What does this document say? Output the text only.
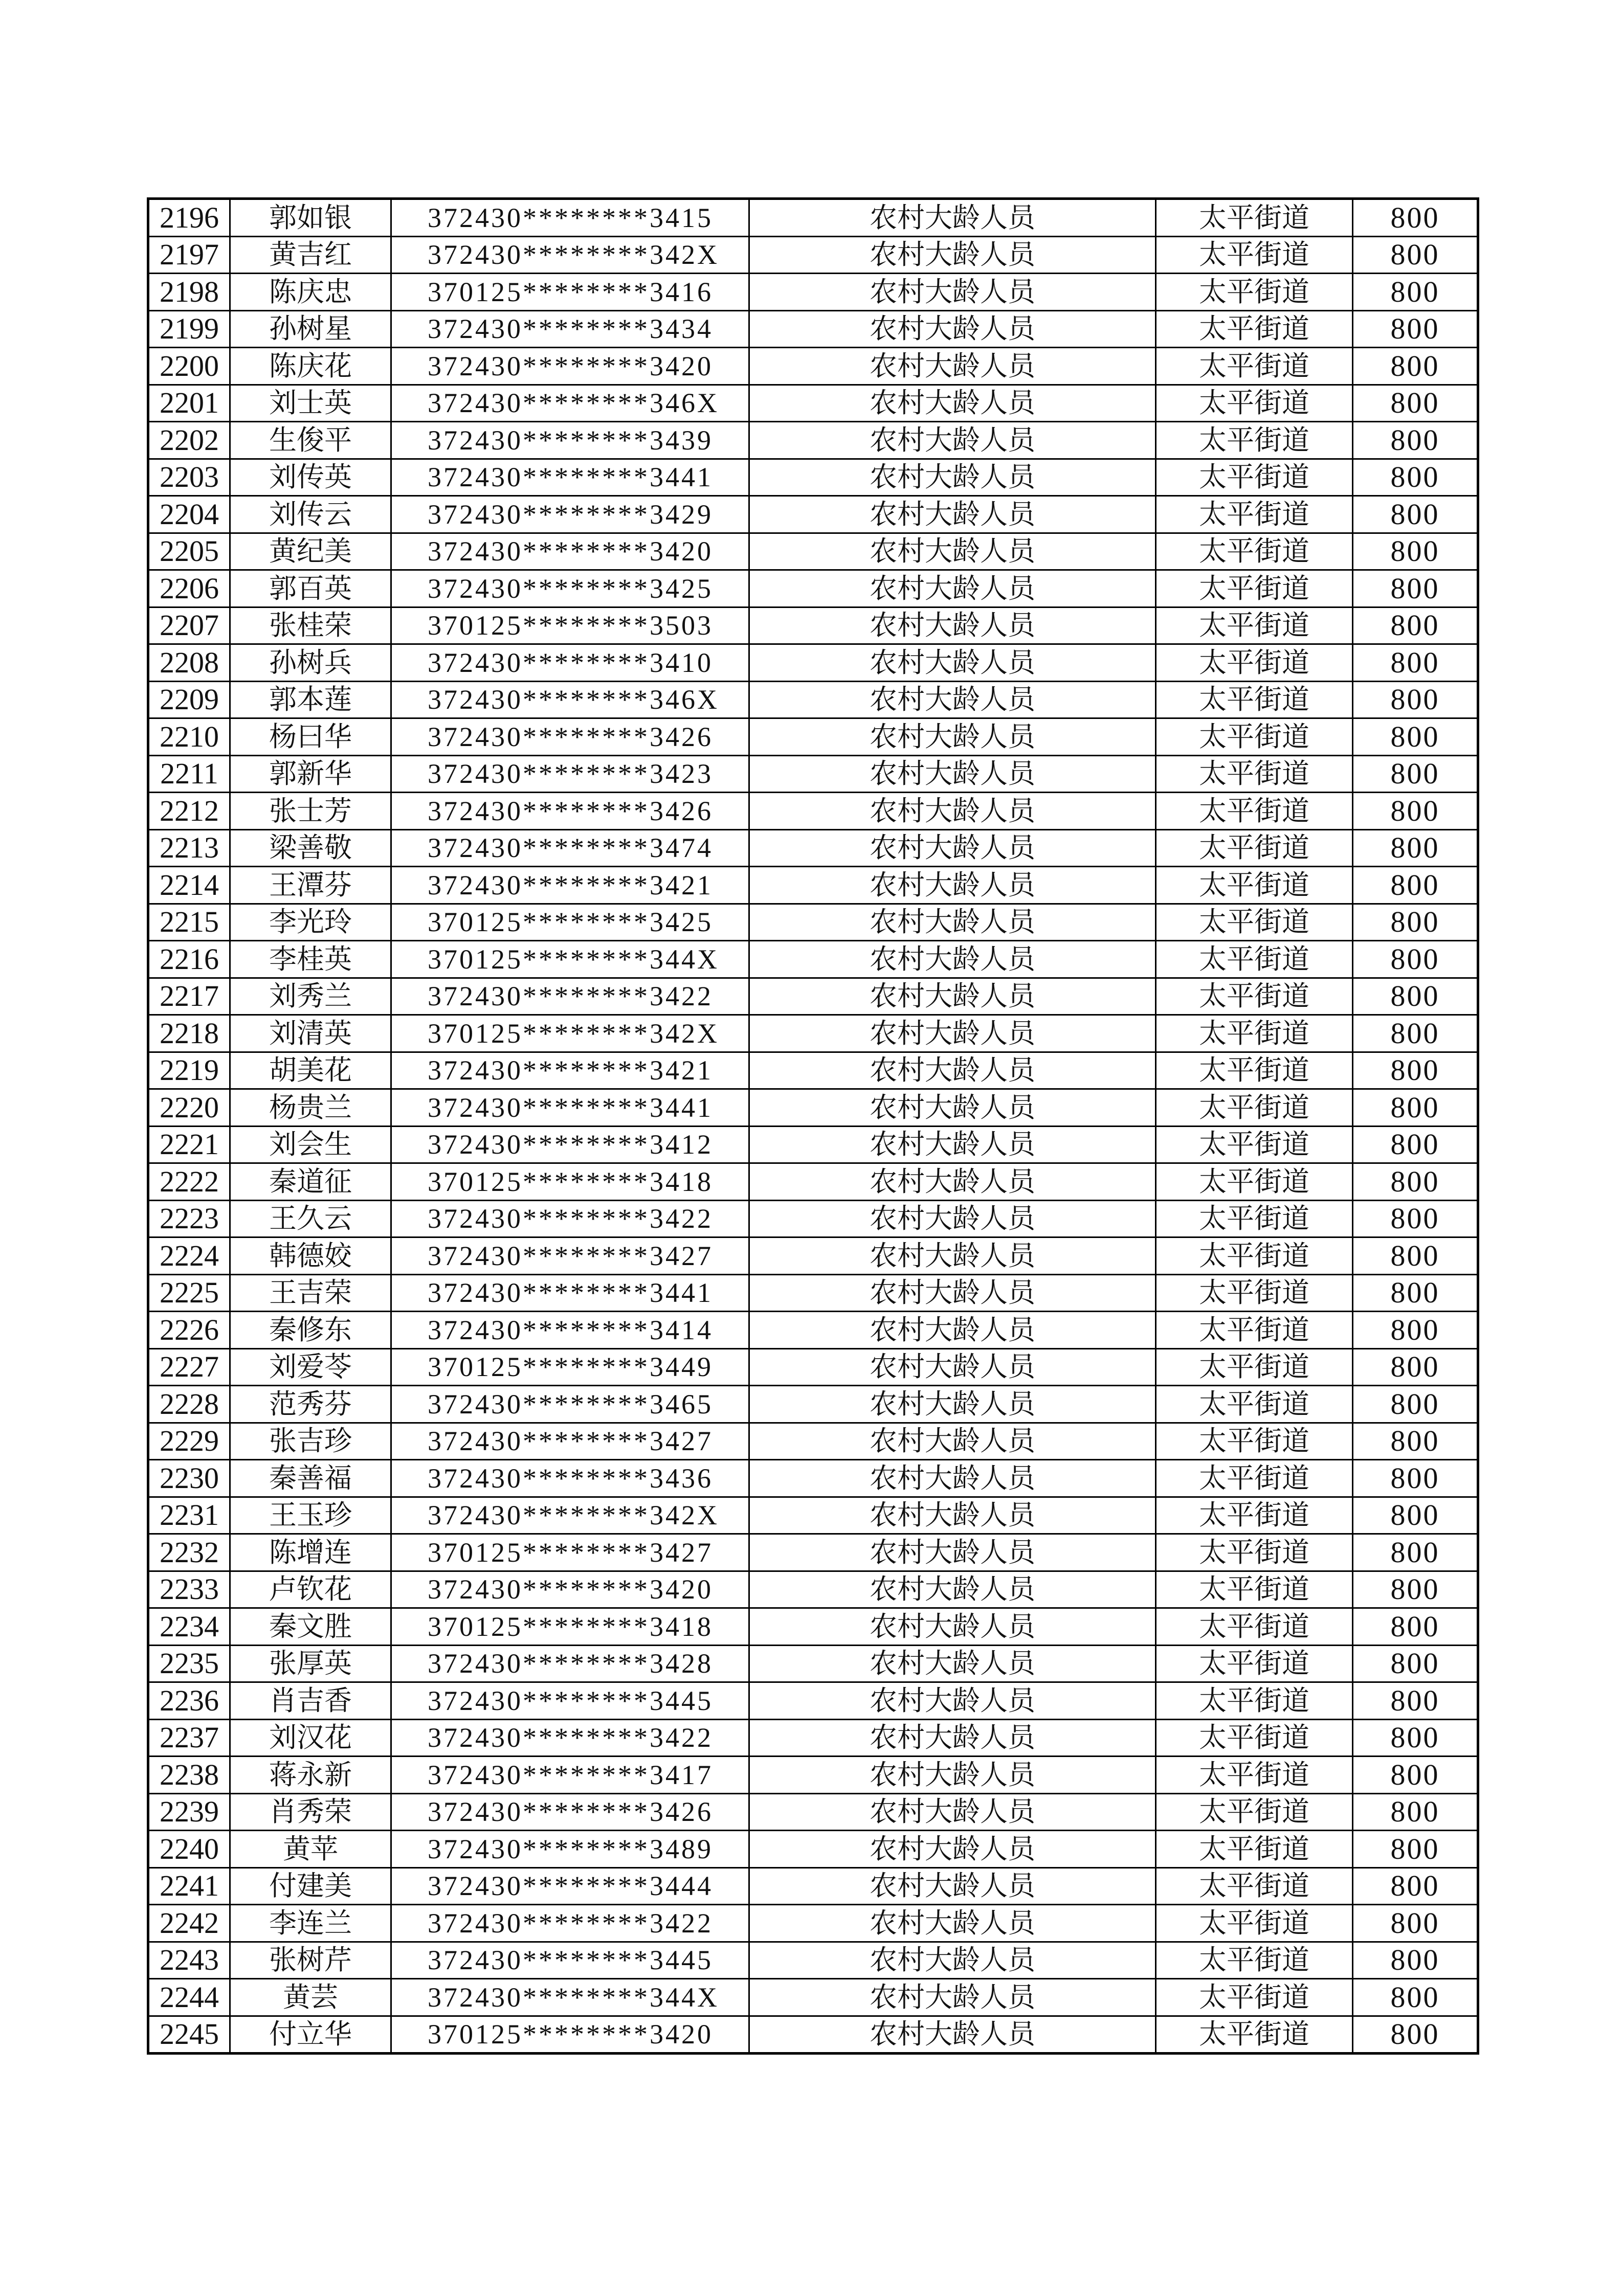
2196	郭如银	372430********3415	农村大龄人员	太平街道	800
2197	黄吉红	372430********342X	农村大龄人员	太平街道	800
2198	陈庆忠	370125********3416	农村大龄人员	太平街道	800
2199	孙树星	372430********3434	农村大龄人员	太平街道	800
2200	陈庆花	372430********3420	农村大龄人员	太平街道	800
2201	刘士英	372430********346X	农村大龄人员	太平街道	800
2202	生俊平	372430********3439	农村大龄人员	太平街道	800
2203	刘传英	372430********3441	农村大龄人员	太平街道	800
2204	刘传云	372430********3429	农村大龄人员	太平街道	800
2205	黄纪美	372430********3420	农村大龄人员	太平街道	800
2206	郭百英	372430********3425	农村大龄人员	太平街道	800
2207	张桂荣	370125********3503	农村大龄人员	太平街道	800
2208	孙树兵	372430********3410	农村大龄人员	太平街道	800
2209	郭本莲	372430********346X	农村大龄人员	太平街道	800
2210	杨曰华	372430********3426	农村大龄人员	太平街道	800
2211	郭新华	372430********3423	农村大龄人员	太平街道	800
2212	张士芳	372430********3426	农村大龄人员	太平街道	800
2213	梁善敬	372430********3474	农村大龄人员	太平街道	800
2214	王潭芬	372430********3421	农村大龄人员	太平街道	800
2215	李光玲	370125********3425	农村大龄人员	太平街道	800
2216	李桂英	370125********344X	农村大龄人员	太平街道	800
2217	刘秀兰	372430********3422	农村大龄人员	太平街道	800
2218	刘清英	370125********342X	农村大龄人员	太平街道	800
2219	胡美花	372430********3421	农村大龄人员	太平街道	800
2220	杨贵兰	372430********3441	农村大龄人员	太平街道	800
2221	刘会生	372430********3412	农村大龄人员	太平街道	800
2222	秦道征	370125********3418	农村大龄人员	太平街道	800
2223	王久云	372430********3422	农村大龄人员	太平街道	800
2224	韩德姣	372430********3427	农村大龄人员	太平街道	800
2225	王吉荣	372430********3441	农村大龄人员	太平街道	800
2226	秦修东	372430********3414	农村大龄人员	太平街道	800
2227	刘爱苓	370125********3449	农村大龄人员	太平街道	800
2228	范秀芬	372430********3465	农村大龄人员	太平街道	800
2229	张吉珍	372430********3427	农村大龄人员	太平街道	800
2230	秦善福	372430********3436	农村大龄人员	太平街道	800
2231	王玉珍	372430********342X	农村大龄人员	太平街道	800
2232	陈增连	370125********3427	农村大龄人员	太平街道	800
2233	卢钦花	372430********3420	农村大龄人员	太平街道	800
2234	秦文胜	370125********3418	农村大龄人员	太平街道	800
2235	张厚英	372430********3428	农村大龄人员	太平街道	800
2236	肖吉香	372430********3445	农村大龄人员	太平街道	800
2237	刘汉花	372430********3422	农村大龄人员	太平街道	800
2238	蒋永新	372430********3417	农村大龄人员	太平街道	800
2239	肖秀荣	372430********3426	农村大龄人员	太平街道	800
2240	黄苹	372430********3489	农村大龄人员	太平街道	800
2241	付建美	372430********3444	农村大龄人员	太平街道	800
2242	李连兰	372430********3422	农村大龄人员	太平街道	800
2243	张树芹	372430********3445	农村大龄人员	太平街道	800
2244	黄芸	372430********344X	农村大龄人员	太平街道	800
2245	付立华	370125********3420	农村大龄人员	太平街道	800
